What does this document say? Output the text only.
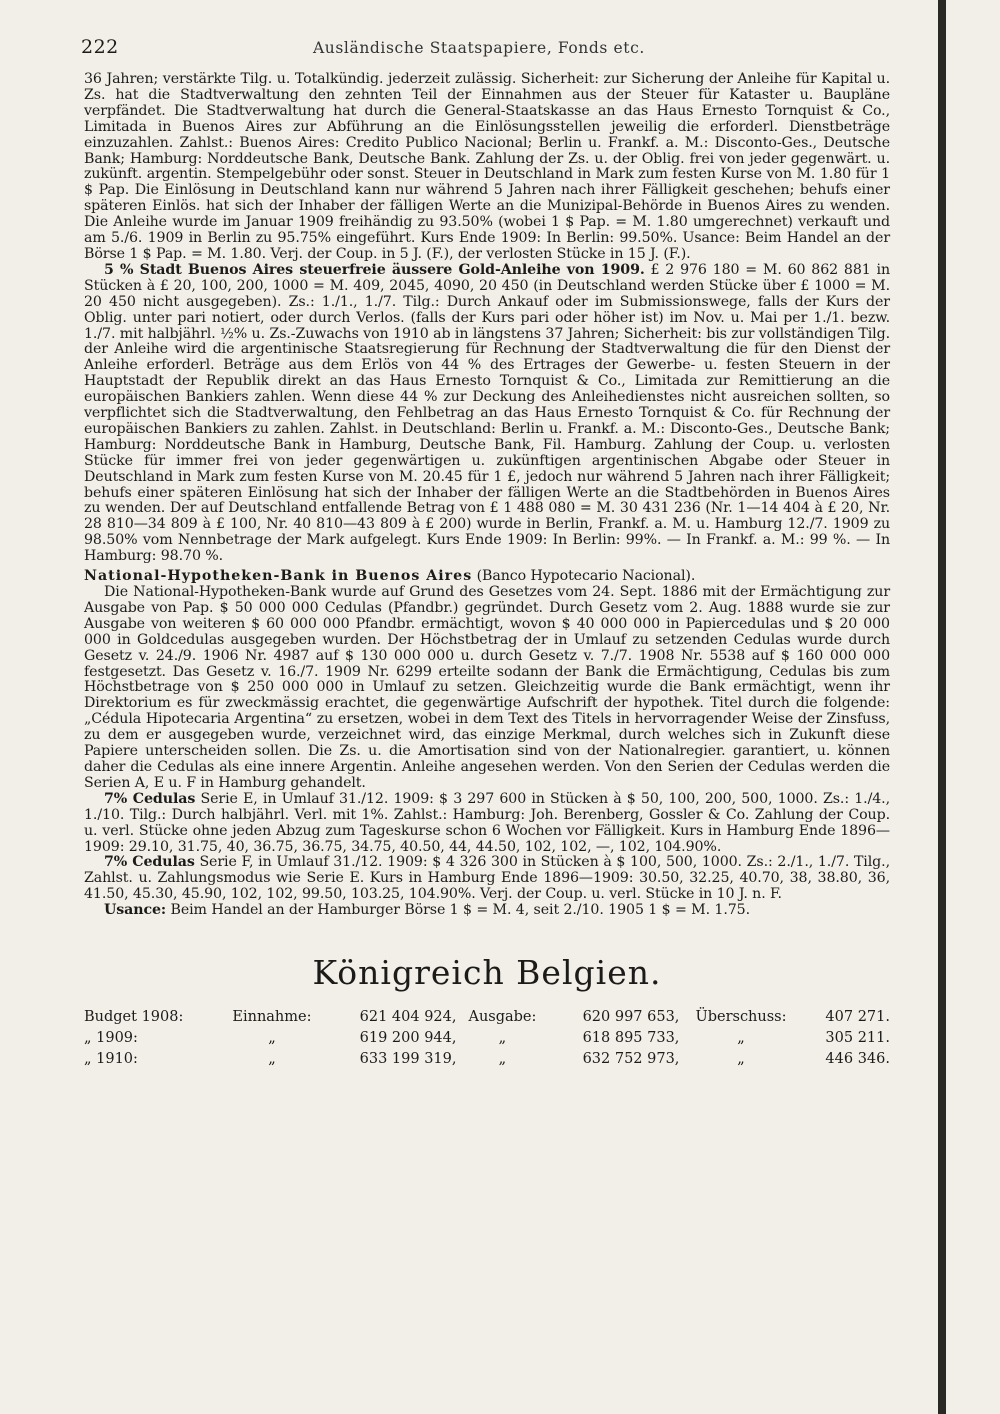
222	Ausländische Staatspapiere, Fonds etc.

36 Jahren; verstärkte Tilg. u. Totalkündig. jederzeit zulässig. Sicherheit: zur Sicherung der Anleihe für Kapital u. Zs. hat die Stadtverwaltung den zehnten Teil der Einnahmen aus der Steuer für Kataster u. Baupläne verpfändet. Die Stadtverwaltung hat durch die General-Staatskasse an das Haus Ernesto Tornquist & Co., Limitada in Buenos Aires zur Abführung an die Einlösungsstellen jeweilig die erforderl. Dienstbeträge einzuzahlen. Zahlst.: Buenos Aires: Credito Publico Nacional; Berlin u. Frankf. a. M.: Disconto-Ges., Deutsche Bank; Hamburg: Norddeutsche Bank, Deutsche Bank. Zahlung der Zs. u. der Oblig. frei von jeder gegenwärt. u. zukünft. argentin. Stempelgebühr oder sonst. Steuer in Deutschland in Mark zum festen Kurse von M. 1.80 für 1 $ Pap. Die Einlösung in Deutschland kann nur während 5 Jahren nach ihrer Fälligkeit geschehen; behufs einer späteren Einlös. hat sich der Inhaber der fälligen Werte an die Munizipal-Behörde in Buenos Aires zu wenden. Die Anleihe wurde im Januar 1909 freihändig zu 93.50% (wobei 1 $ Pap. = M. 1.80 umgerechnet) verkauft und am 5./6. 1909 in Berlin zu 95.75% eingeführt. Kurs Ende 1909: In Berlin: 99.50%. Usance: Beim Handel an der Börse 1 $ Pap. = M. 1.80. Verj. der Coup. in 5 J. (F.), der verlosten Stücke in 15 J. (F.).

5 % Stadt Buenos Aires steuerfreie äussere Gold-Anleihe von 1909. £ 2 976 180 = M. 60 862 881 in Stücken à £ 20, 100, 200, 1000 = M. 409, 2045, 4090, 20 450 (in Deutschland werden Stücke über £ 1000 = M. 20 450 nicht ausgegeben). Zs.: 1./1., 1./7. Tilg.: Durch Ankauf oder im Submissionswege, falls der Kurs der Oblig. unter pari notiert, oder durch Verlos. (falls der Kurs pari oder höher ist) im Nov. u. Mai per 1./1. bezw. 1./7. mit halbjährl. ½% u. Zs.-Zuwachs von 1910 ab in längstens 37 Jahren; Sicherheit: bis zur vollständigen Tilg. der Anleihe wird die argentinische Staatsregierung für Rechnung der Stadtverwaltung die für den Dienst der Anleihe erforderl. Beträge aus dem Erlös von 44 % des Ertrages der Gewerbe- u. festen Steuern in der Hauptstadt der Republik direkt an das Haus Ernesto Tornquist & Co., Limitada zur Remittierung an die europäischen Bankiers zahlen. Wenn diese 44 % zur Deckung des Anleihedienstes nicht ausreichen sollten, so verpflichtet sich die Stadtverwaltung, den Fehlbetrag an das Haus Ernesto Tornquist & Co. für Rechnung der europäischen Bankiers zu zahlen. Zahlst. in Deutschland: Berlin u. Frankf. a. M.: Disconto-Ges., Deutsche Bank; Hamburg: Norddeutsche Bank in Hamburg, Deutsche Bank, Fil. Hamburg. Zahlung der Coup. u. verlosten Stücke für immer frei von jeder gegenwärtigen u. zukünftigen argentinischen Abgabe oder Steuer in Deutschland in Mark zum festen Kurse von M. 20.45 für 1 £, jedoch nur während 5 Jahren nach ihrer Fälligkeit; behufs einer späteren Einlösung hat sich der Inhaber der fälligen Werte an die Stadtbehörden in Buenos Aires zu wenden. Der auf Deutschland entfallende Betrag von £ 1 488 080 = M. 30 431 236 (Nr. 1—14 404 à £ 20, Nr. 28 810—34 809 à £ 100, Nr. 40 810—43 809 à £ 200) wurde in Berlin, Frankf. a. M. u. Hamburg 12./7. 1909 zu 98.50% vom Nennbetrage der Mark aufgelegt. Kurs Ende 1909: In Berlin: 99%. — In Frankf. a. M.: 99 %. — In Hamburg: 98.70 %.

National-Hypotheken-Bank in Buenos Aires (Banco Hypotecario Nacional).

Die National-Hypotheken-Bank wurde auf Grund des Gesetzes vom 24. Sept. 1886 mit der Ermächtigung zur Ausgabe von Pap. $ 50 000 000 Cedulas (Pfandbr.) gegründet. Durch Gesetz vom 2. Aug. 1888 wurde sie zur Ausgabe von weiteren $ 60 000 000 Pfandbr. ermächtigt, wovon $ 40 000 000 in Papiercedulas und $ 20 000 000 in Goldcedulas ausgegeben wurden. Der Höchstbetrag der in Umlauf zu setzenden Cedulas wurde durch Gesetz v. 24./9. 1906 Nr. 4987 auf $ 130 000 000 u. durch Gesetz v. 7./7. 1908 Nr. 5538 auf $ 160 000 000 festgesetzt. Das Gesetz v. 16./7. 1909 Nr. 6299 erteilte sodann der Bank die Ermächtigung, Cedulas bis zum Höchstbetrage von $ 250 000 000 in Umlauf zu setzen. Gleichzeitig wurde die Bank ermächtigt, wenn ihr Direktorium es für zweckmässig erachtet, die gegenwärtige Aufschrift der hypothek. Titel durch die folgende: „Cédula Hipotecaria Argentina“ zu ersetzen, wobei in dem Text des Titels in hervorragender Weise der Zinsfuss, zu dem er ausgegeben wurde, verzeichnet wird, das einzige Merkmal, durch welches sich in Zukunft diese Papiere unterscheiden sollen. Die Zs. u. die Amortisation sind von der Nationalregier. garantiert, u. können daher die Cedulas als eine innere Argentin. Anleihe angesehen werden. Von den Serien der Cedulas werden die Serien A, E u. F in Hamburg gehandelt.

7% Cedulas Serie E, in Umlauf 31./12. 1909: $ 3 297 600 in Stücken à $ 50, 100, 200, 500, 1000. Zs.: 1./4., 1./10. Tilg.: Durch halbjährl. Verl. mit 1%. Zahlst.: Hamburg: Joh. Berenberg, Gossler & Co. Zahlung der Coup. u. verl. Stücke ohne jeden Abzug zum Tageskurse schon 6 Wochen vor Fälligkeit. Kurs in Hamburg Ende 1896—1909: 29.10, 31.75, 40, 36.75, 36.75, 34.75, 40.50, 44, 44.50, 102, 102, —, 102, 104.90%.

7% Cedulas Serie F, in Umlauf 31./12. 1909: $ 4 326 300 in Stücken à $ 100, 500, 1000. Zs.: 2./1., 1./7. Tilg., Zahlst. u. Zahlungsmodus wie Serie E. Kurs in Hamburg Ende 1896—1909: 30.50, 32.25, 40.70, 38, 38.80, 36, 41.50, 45.30, 45.90, 102, 102, 99.50, 103.25, 104.90%. Verj. der Coup. u. verl. Stücke in 10 J. n. F.

Usance: Beim Handel an der Hamburger Börse 1 $ = M. 4, seit 2./10. 1905 1 $ = M. 1.75.

Königreich Belgien.
Budget 1908:	Einnahme:	621 404 924,	Ausgabe:	620 997 653,	Überschuss:	407 271.
„ 1909:	„	619 200 944,	„	618 895 733,	„	305 211.
„ 1910:	„	633 199 319,	„	632 752 973,	„	446 346.
